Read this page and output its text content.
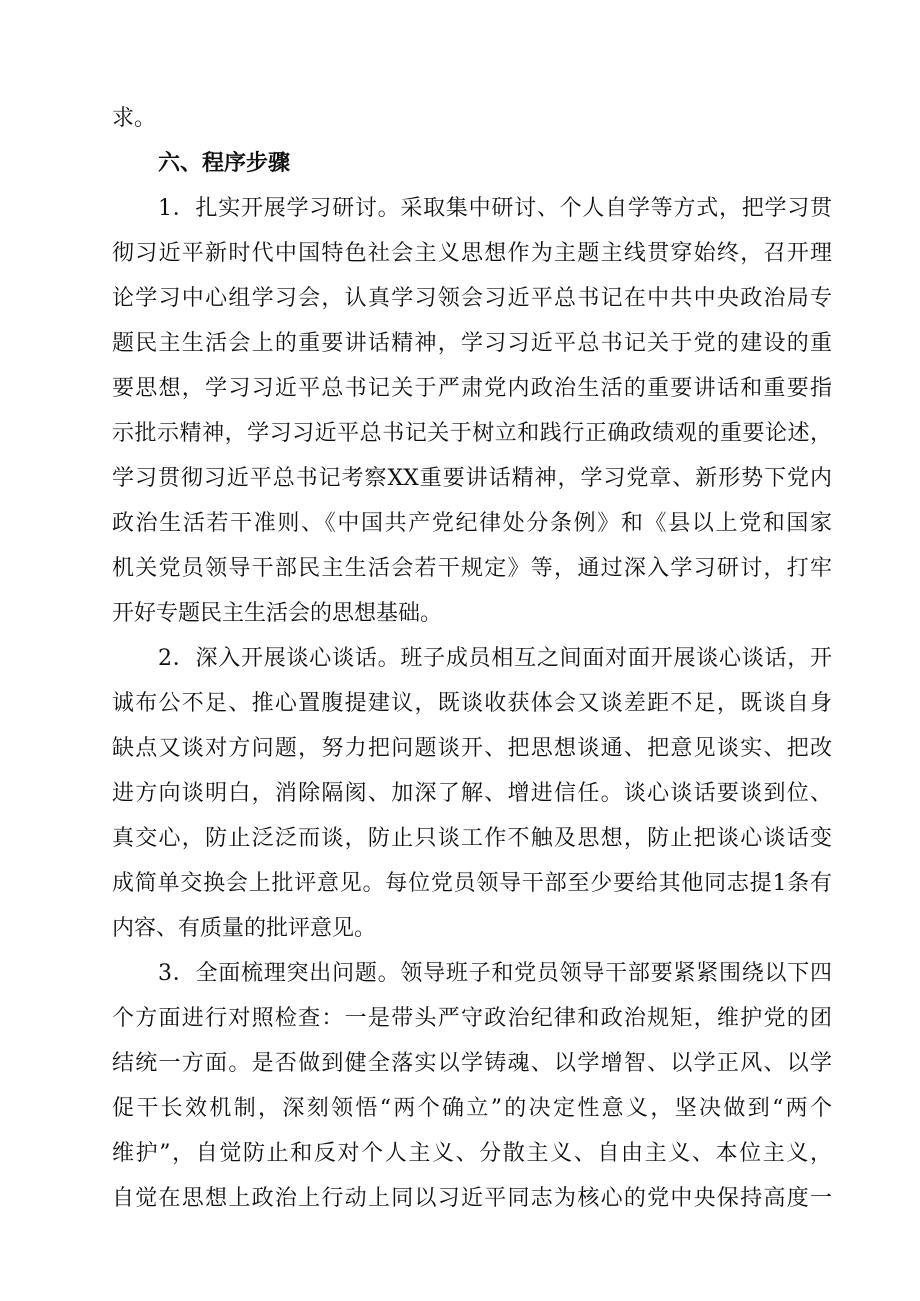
求。
六、程序步骤
1．扎实开展学习研讨。采取集中研讨、个人自学等方式，把学习贯
彻习近平新时代中国特色社会主义思想作为主题主线贯穿始终，召开理
论学习中心组学习会，认真学习领会习近平总书记在中共中央政治局专
题民主生活会上的重要讲话精神，学习习近平总书记关于党的建设的重
要思想，学习习近平总书记关于严肃党内政治生活的重要讲话和重要指
示批示精神，学习习近平总书记关于树立和践行正确政绩观的重要论述，
学习贯彻习近平总书记考察XX重要讲话精神，学习党章、新形势下党内
政治生活若干准则、《中国共产党纪律处分条例》和《县以上党和国家
机关党员领导干部民主生活会若干规定》等，通过深入学习研讨，打牢
开好专题民主生活会的思想基础。
2．深入开展谈心谈话。班子成员相互之间面对面开展谈心谈话，开
诚布公不足、推心置腹提建议，既谈收获体会又谈差距不足，既谈自身
缺点又谈对方问题，努力把问题谈开、把思想谈通、把意见谈实、把改
进方向谈明白，消除隔阂、加深了解、增进信任。谈心谈话要谈到位、
真交心，防止泛泛而谈，防止只谈工作不触及思想，防止把谈心谈话变
成简单交换会上批评意见。每位党员领导干部至少要给其他同志提1条有
内容、有质量的批评意见。
3．全面梳理突出问题。领导班子和党员领导干部要紧紧围绕以下四
个方面进行对照检查：一是带头严守政治纪律和政治规矩，维护党的团
结统一方面。是否做到健全落实以学铸魂、以学增智、以学正风、以学
促干长效机制，深刻领悟“两个确立”的决定性意义，坚决做到“两个
维护”，自觉防止和反对个人主义、分散主义、自由主义、本位主义，
自觉在思想上政治上行动上同以习近平同志为核心的党中央保持高度一
